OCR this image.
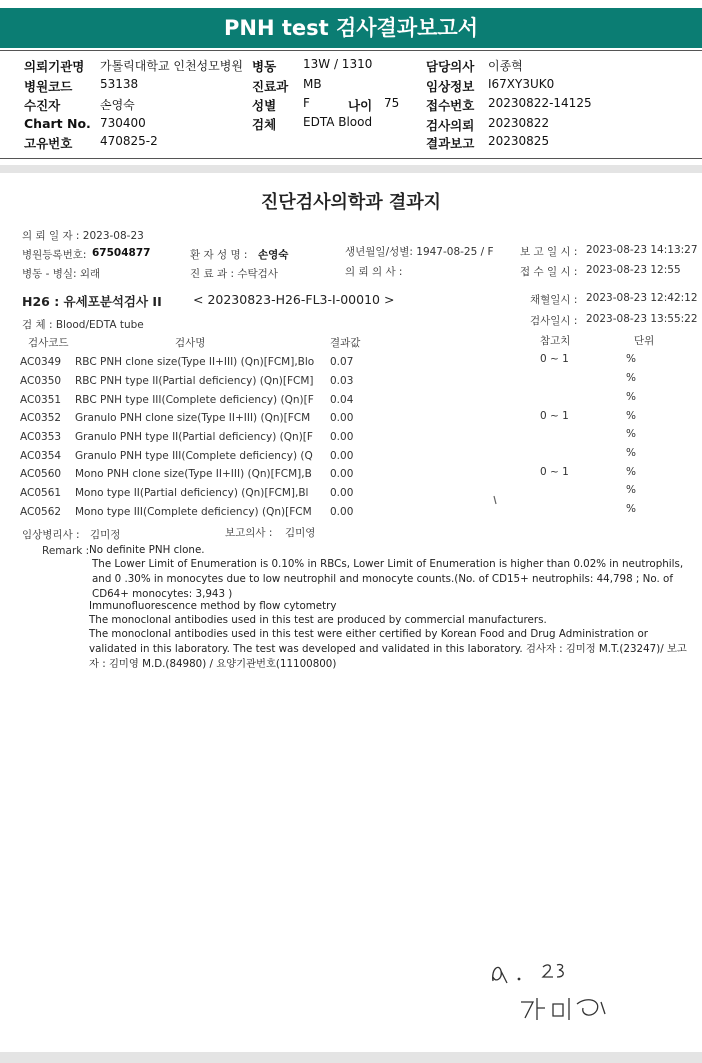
PNH test 검사결과보고서
의뢰기관명 가톨릭대학교 인천성모병원 병동 13W / 1310	담당의사 이종혁
병원코드 53138	진료과 MB	임상정보 I67XY3UK0
수진자	손영숙	성별 F	나이 75 접수번호 20230822-14125
Chart No. 730400	검체 EDTA Blood	검사의뢰 20230822
고유번호 470825-2	결과보고 20230825
진단검사의학과 결과지
의 뢰 일 자 : 2023-08-23
병원등록번호: 67504877	환 자 성 명 : 손영숙	생년월일/성별: 1947-08-25 / F	보 고 일 시 : 2023-08-23 14:13:27
병동 - 병실: 외래	진 료 과 : 수탁검사	의 뢰 의 사 :	접 수 일 시 : 2023-08-23 12:55
H26 : 유세포분석검사 II	< 20230823-H26-FL3-I-00010 >	채혈일시 : 2023-08-23 12:42:12
검 체 : Blood/EDTA tube	검사일시 : 2023-08-23 13:55:22
검사코드	검사명	결과값	참고치	단위
AC0349 RBC PNH clone size(Type II+III) (Qn)[FCM],Blo 0.07	0 ~ 1	%
AC0350 RBC PNH type II(Partial deficiency) (Qn)[FCM] 0.03	%
AC0351 RBC PNH type III(Complete deficiency) (Qn)[F 0.04	%
AC0352 Granulo PNH clone size(Type II+III) (Qn)[FCM 0.00	0 ~ 1	%
AC0353 Granulo PNH type II(Partial deficiency) (Qn)[F 0.00	%
AC0354 Granulo PNH type III(Complete deficiency) (Q 0.00	%
AC0560 Mono PNH clone size(Type II+III) (Qn)[FCM],B 0.00	0 ~ 1	%
AC0561 Mono type II(Partial deficiency) (Qn)[FCM],Bl 0.00	%
AC0562 Mono type III(Complete deficiency) (Qn)[FCM 0.00	%
임상병리사 : 김미정	보고의사 : 김미영
Remark : No definite PNH clone.
The Lower Limit of Enumeration is 0.10% in RBCs, Lower Limit of Enumeration is higher than 0.02% in neutrophils, and 0 .30% in monocytes due to low neutrophil and monocyte counts.(No. of CD15+ neutrophils: 44,798 ; No. of CD64+ monocytes: 3,943 )
Immunofluorescence method by flow cytometry
The monoclonal antibodies used in this test are produced by commercial manufacturers.
The monoclonal antibodies used in this test were either certified by Korean Food and Drug Administration or validated in this laboratory. The test was developed and validated in this laboratory. 검사자 : 김미정 M.T.(23247)/ 보고자 : 김미영 M.D.(84980) / 요양기관번호(11100800)
